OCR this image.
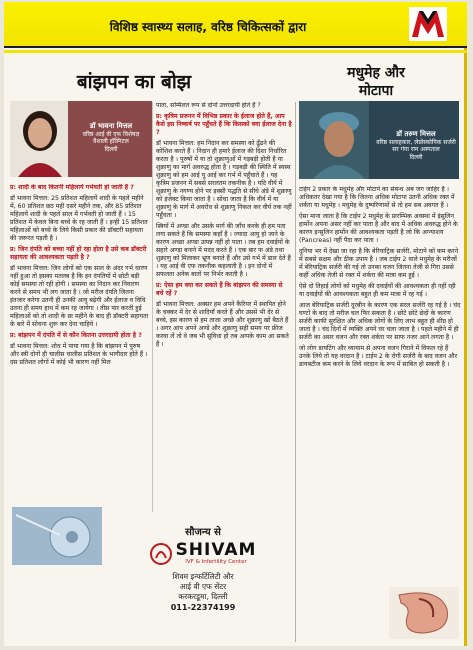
विशिष्ठ स्वास्थ्य सलाह, वरिष्ठ चिकित्सकों द्वारा
बांझपन का बोझ	मधुमेह और
मोटापा
डॉ भावना मित्तल
वरिष्ठ आई वी एफ विशेषज्ञ
वैशाली हॉस्पिटल
दिल्ली
डॉ तरुण मित्तल
वरिष्ठ सलाहकार, लेप्रोस्कोपिक सर्जरी
सर गंगा राम अस्पताल
दिल्ली

प्र: शादी के बाद कितनी महिलायें गर्भवती हो जाती हैं ?

डॉ भावना मित्तल: 25 प्रतिशत महिलायें शादी के पहले महीने में, 60 प्रतिशत छठ मही दसरे महीने तक, और 85 प्रतिशत महिलायें शादी के पहले साल में गर्भवती हो जाती हैं । 15 प्रतिशत में केवल बिना बच्चे के रह जाती हैं । इन्ही 15 प्रतिशत महिलाओं को बच्चे के लिये किसी प्रकार की डॉक्टरी सहायता की जरूरत पड़ती है ।

प्र: जिन दंपति को बच्चा नहीं हो रहा होता है उसे कब डॉक्टरी सहायता की आवश्यकता पड़ती है ?

डॉ भावना मित्तल: जिन लोगों को एक साल के अंदर गर्भ धारण नहीं हुआ तो इसका मतलब है कि इन दंपतियों में छोटी बड़ी कोई समस्या तो रही होगी । समस्या का निदान कर निवारण करने से समय भी लग जाता है । जो मरीज दंपति जितना इंतजार करेगा उतनी ही उनकी आयु बढ़ेगी और ईलाज व विधि उतना ही समय हाथ में कम रह जायेगा । तीस पार करती हुई महिलाओं को तो शादी के छः महीने के बाद ही डॉक्टरी सहायता के बारे में सोचना शुरू कर देना चाहिये ।

प्र: बांझपन में दंपति में से कौन कितना उत्तरदायी होता है ?

डॉ भावना मित्तल: शोध में पाया गया है कि बांझपन में पुरुष और स्त्री दोनों ही चालीस चालीस प्रतिशत के भागीदार होते हैं । दस प्रतिशत लोगों में कोई भी कारण नहीं मिल

पाता, सम्मिलत रूप से दोनों उत्तरदायी होते हैं ?

प्र: कृत्रिम प्रजनन में विभिन्न प्रकार के ईलाज होते हैं, आप कैसे इस निष्कर्ष पर पहुँचते हैं कि किसको क्या ईलाज देना है ?

डॉ भावना मित्तल: हम निदान कर समस्या को ढूँढने की कोशिश करते हैं । निदान ही हमारे ईलाज की दिशा निर्धारित करता है । पुरुषों में या तो शुक्राणुओं में गड़बड़ी होती है या शुक्राणु का मार्ग अवरुद्ध होता है । गड़बड़ी की स्थिति में स्वस्थ शुक्राणु को हम आई यू आई कर गर्भ में पहुँचाते हैं । यह कृत्रिम प्रजनन में सबसे सरलतम तकनीक है । यदि वीर्य में शुक्राणु के नगण्य होने पर इक्सी पद्धति से सीधे अंडे में शुक्राणु को इंजेक्ट किया जाता है । सोचा जाता है कि वीर्य में या शुक्राणु के मार्ग में अवरोध से शुक्राणु निकल कर वीर्य तक नहीं पहुँचता ।

स्त्रियों में अण्डा और उसके मार्ग की जाँच करके ही हम पता लगा सकते हैं कि समस्या कहाँ है । ज्यादा आयु हो जाने के कारण अच्छा अण्डा उत्पन्न नहीं हो पाता । तब हम दवाईयों के सहारे अण्डा बनाने में मदद करते हैं । एक बार फ अंडे तथा शुक्राणु को मिलाकर भ्रूण बनाते हैं और उसे गर्भ में डाल देते हैं । यह आई वी एफ तकनीक कहलाती है । इन दोनों में सफलता अनेक बातों पर निर्भर करती है ।

प्र: ऐसा हम क्या कर सकते हैं कि बांझपन की समस्या से बचे रहें ?

डॉ भावना मित्तल: अक्सर हम अपने कैरियर में स्थापित होने के चक्कर में देर से शादियाँ करते हैं और उससे भी देर से बच्चे, इस कारण से हम ताजा अच्छे और शुक्राणु खो बैठते हैं । अगर आप अपने अण्डे और शुक्राणु सही समय पर फ्रीज करवा लें तो वे जब भी सुविधा हो तब आपके काम आ सकते हैं ।

टाईप 2 प्रकार के मधुमेह और मोटापे का संबन्ध अब जग जाहिर है । अधिकतर देखा गया है कि जितना अधिक मोटापा उतनी अधिक रक्त में शर्करा या मधुमेह । मधुमेह के दुष्परिणामों से तो हम सब अवगत हैं ।

ऐसा माना जाता है कि टाईप 2 मधुमेह के प्रारम्भिक अवस्था में इंसुलिन हार्मोन अपना असर नहीं कर पाता है और बाद में अधिक अवरुद्ध होने के कारण इन्सुलिन हार्मोन की आवश्यकता पड़ती है जो कि अग्न्याशय (Pancreas) नहीं पैदा कर पाता ।

दुनिया भर में देखा जा रहा है कि बेरियाट्रिक सर्जरी, मोटापे को कम करने में सबसे सक्षम और ठीक उपाय है । जब टाईप 2 वाले मधुमेह के मरीजों में बेरियाट्रिक सर्जरी की गई तो उनका वजन जितना तेजी से गिरा उससे कहीं अधिक तेजी से रक्त में शर्करा की मात्रा कम हुई ।

ऐसे दो तिहाई लोगों को मधुमेह की दवाईयों की आवश्यकता ही नहीं रही या दवाईयों की आवश्यकता बहुत ही कम मात्रा में रह गई ।

आज बेरियाट्रिक सर्जरी दूरबीन के कारण एक सरल सर्जरी रह गई है । चंद घण्टों के बाद तो मरीज चल फिर सकता है । छोटे छोटे छेदों के कारण सर्जरी काफी सुरक्षित और अधिक लोगों के लिए लाभ बहुत ही शीघ्र हो जाता है । चंद दिनों में व्यक्ति अपने घर चला जाता है । पहले महीने में ही सर्जरी का असर वजन और रक्त शर्करा पर साफ नजर आने लगता है ।

जो लोग डायटिंग और व्यायाम से अपना वजन गिराने में विफल रहे हैं उनके लिये तो यह वरदान है । टाईप 2 के रोगी सर्जरी के बाद वजन और डायबटीज कम करने के लिये वरदान के रूप में साबित हो सकती है ।

सौजन्य से
SHIVAM
IVF & Infertility Center
शिवम इन्फर्टिलिटी और
आई वी एफ सेंटर
करकरडूमा, दिल्ली
011-22374199
